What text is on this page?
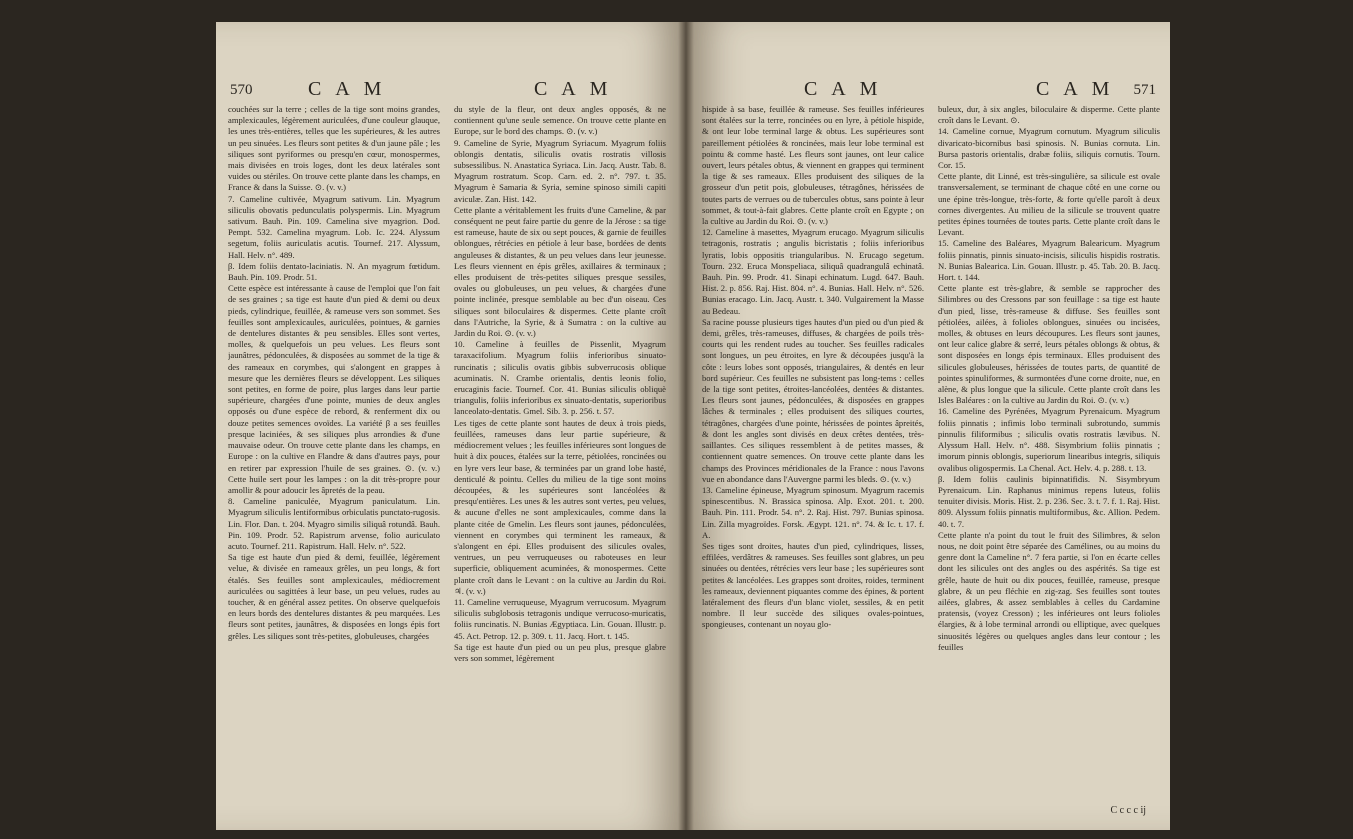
570	C A M	C A M
couchées sur la terre ; celles de la tige sont moins grandes, amplexicaules, légèrement auriculées, d'une couleur glauque, les unes très-entières, telles que les supérieures, & les autres un peu sinuées. Les fleurs sont petites & d'un jaune pâle ; les siliques sont pyriformes ou presqu'en cœur, monospermes, mais divisées en trois loges, dont les deux latérales sont vuides ou stériles. On trouve cette plante dans les champs, en France & dans la Suisse. ⊙. (v. v.)
7. Cameline cultivée, Myagrum sativum. Lin. Myagrum siliculis obovatis pedunculatis polyspermis. Lin. Myagrum sativum. Bauh. Pin. 109. Camelina sive myagrion. Dod. Pempt. 532. Camelina myagrum. Lob. Ic. 224. Alyssum segetum, foliis auriculatis acutis. Tournef. 217. Alyssum, Hall. Helv. n°. 489.
β. Idem foliis dentato-laciniatis. N. An myagrum fœtidum. Bauh. Pin. 109. Prodr. 51.
Cette espèce est intéressante à cause de l'emploi que l'on fait de ses graines ; sa tige est haute d'un pied & demi ou deux pieds, cylindrique, feuillée, & rameuse vers son sommet. Ses feuilles sont amplexicaules, auriculées, pointues, & garnies de dentelures distantes & peu sensibles. Elles sont vertes, molles, & quelquefois un peu velues. Les fleurs sont jaunâtres, pédonculées, & disposées au sommet de la tige & des rameaux en corymbes, qui s'alongent en grappes à mesure que les dernières fleurs se développent. Les siliques sont petites, en forme de poire, plus larges dans leur partie supérieure, chargées d'une pointe, munies de deux angles opposés ou d'une espèce de rebord, & renferment dix ou douze petites semences ovoïdes. La variété β a ses feuilles presque laciniées, & ses siliques plus arrondies & d'une mauvaise odeur. On trouve cette plante dans les champs, en Europe : on la cultive en Flandre & dans d'autres pays, pour en retirer par expression l'huile de ses graines. ⊙. (v. v.) Cette huile sert pour les lampes : on la dit très-propre pour amollir & pour adoucir les âpretés de la peau.
8. Cameline paniculée, Myagrum paniculatum. Lin. Myagrum siliculis lentiformibus orbiculatis punctato-rugosis. Lin. Flor. Dan. t. 204. Myagro similis siliquâ rotundâ. Bauh. Pin. 109. Prodr. 52. Rapistrum arvense, folio auriculato acuto. Tournef. 211. Rapistrum. Hall. Helv. n°. 522.
Sa tige est haute d'un pied & demi, feuillée, légèrement velue, & divisée en rameaux grêles, un peu longs, & fort étalés. Ses feuilles sont amplexicaules, médiocrement auriculées ou sagittées à leur base, un peu velues, rudes au toucher, & en général assez petites. On observe quelquefois en leurs bords des dentelures distantes & peu marquées. Les fleurs sont petites, jaunâtres, & disposées en longs épis fort grêles. Les siliques sont très-petites, globuleuses, chargées
du style de la fleur, ont deux angles opposés, & ne contiennent qu'une seule semence. On trouve cette plante en Europe, sur le bord des champs. ⊙. (v. v.)
9. Cameline de Syrie, Myagrum Syriacum. Myagrum foliis oblongis dentatis, siliculis ovatis rostratis villosis subsessilibus. N. Anastatica Syriaca. Lin. Jacq. Austr. Tab. 8. Myagrum rostratum. Scop. Carn. ed. 2. n°. 797. t. 35. Myagrum è Samaria & Syria, semine spinoso simili capiti aviculæ. Zan. Hist. 142.
Cette plante a véritablement les fruits d'une Cameline, & par conséquent ne peut faire partie du genre de la Jérose : sa tige est rameuse, haute de six ou sept pouces, & garnie de feuilles oblongues, rétrécies en pétiole à leur base, bordées de dents anguleuses & distantes, & un peu velues dans leur jeunesse. Les fleurs viennent en épis grêles, axillaires & terminaux ; elles produisent de très-petites siliques presque sessiles, ovales ou globuleuses, un peu velues, & chargées d'une pointe inclinée, presque semblable au bec d'un oiseau. Ces siliques sont biloculaires & dispermes. Cette plante croît dans l'Autriche, la Syrie, & à Sumatra : on la cultive au Jardin du Roi. ⊙. (v. v.)
10. Cameline à feuilles de Pissenlit, Myagrum taraxacifolium. Myagrum foliis inferioribus sinuato-runcinatis ; siliculis ovatis gibbis subverrucosis oblique acuminatis. N. Crambe orientalis, dentis leonis folio, erucaginis facie. Tournef. Cor. 41. Bunias siliculis obliquè triangulis, foliis inferioribus ex sinuato-dentatis, superioribus lanceolato-dentatis. Gmel. Sib. 3. p. 256. t. 57.
Les tiges de cette plante sont hautes de deux à trois pieds, feuillées, rameuses dans leur partie supérieure, & médiocrement velues ; les feuilles inférieures sont longues de huit à dix pouces, étalées sur la terre, pétiolées, roncinées ou en lyre vers leur base, & terminées par un grand lobe hasté, denticulé & pointu. Celles du milieu de la tige sont moins découpées, & les supérieures sont lancéolées & presqu'entières. Les unes & les autres sont vertes, peu velues, & aucune d'elles ne sont amplexicaules, comme dans la plante citée de Gmelin. Les fleurs sont jaunes, pédonculées, viennent en corymbes qui terminent les rameaux, & s'alongent en épi. Elles produisent des silicules ovales, ventrues, un peu verruqueuses ou raboteuses en leur superficie, obliquement acuminées, & monospermes. Cette plante croît dans le Levant : on la cultive au Jardin du Roi. ♃. (v. v.)
11. Cameline verruqueuse, Myagrum verrucosum. Myagrum siliculis subglobosis tetragonis undique verrucoso-muricatis, foliis runcinatis. N. Bunias Ægyptiaca. Lin. Gouan. Illustr. p. 45. Act. Petrop. 12. p. 309. t. 11. Jacq. Hort. t. 145.
Sa tige est haute d'un pied ou un peu plus, presque glabre vers son sommet, légèrement
C A M	C A M 571
hispide à sa base, feuillée & rameuse. Ses feuilles inférieures sont étalées sur la terre, roncinées ou en lyre, à pétiole hispide, & ont leur lobe terminal large & obtus. Les supérieures sont pareillement pétiolées & roncinées, mais leur lobe terminal est pointu & comme hasté. Les fleurs sont jaunes, ont leur calice ouvert, leurs pétales obtus, & viennent en grappes qui terminent la tige & ses rameaux. Elles produisent des siliques de la grosseur d'un petit pois, globuleuses, tétragônes, hérissées de toutes parts de verrues ou de tubercules obtus, sans pointe à leur sommet, & tout-à-fait glabres. Cette plante croît en Egypte ; on la cultive au Jardin du Roi. ⊙. (v. v.)
12. Cameline à masettes, Myagrum erucago. Myagrum siliculis tetragonis, rostratis ; angulis bicristatis ; foliis inferioribus lyratis, lobis oppositis triangularibus. N. Erucago segetum. Tourn. 232. Eruca Monspeliaca, siliquâ quadrangulâ echinatâ. Bauh. Pin. 99. Prodr. 41. Sinapi echinatum. Lugd. 647. Bauh. Hist. 2. p. 856. Raj. Hist. 804. n°. 4. Bunias. Hall. Helv. n°. 526. Bunias eracago. Lin. Jacq. Austr. t. 340. Vulgairement la Masse au Bedeau.
Sa racine pousse plusieurs tiges hautes d'un pied ou d'un pied & demi, grêles, très-rameuses, diffuses, & chargées de poils très-courts qui les rendent rudes au toucher. Ses feuilles radicales sont longues, un peu étroites, en lyre & découpées jusqu'à la côte : leurs lobes sont opposés, triangulaires, & dentés en leur bord supérieur. Ces feuilles ne subsistent pas long-tems : celles de la tige sont petites, étroites-lancéolées, dentées & distantes. Les fleurs sont jaunes, pédonculées, & disposées en grappes lâches & terminales ; elles produisent des siliques courtes, tétragônes, chargées d'une pointe, hérissées de pointes âpreités, & dont les angles sont divisés en deux crêtes dentées, très-saillantes. Ces siliques ressemblent à de petites masses, & contiennent quatre semences. On trouve cette plante dans les champs des Provinces méridionales de la France : nous l'avons vue en abondance dans l'Auvergne parmi les bleds. ⊙. (v. v.)
13. Cameline épineuse, Myagrum spinosum. Myagrum racemis spinescentibus. N. Brassica spinosa. Alp. Exot. 201. t. 200. Bauh. Pin. 111. Prodr. 54. n°. 2. Raj. Hist. 797. Bunias spinosa. Lin. Zilla myagroïdes. Forsk. Ægypt. 121. n°. 74. & Ic. t. 17. f. A.
Ses tiges sont droites, hautes d'un pied, cylindriques, lisses, effilées, verdâtres & rameuses. Ses feuilles sont glabres, un peu sinuées ou dentées, rétrécies vers leur base ; les supérieures sont petites & lancéolées. Les grappes sont droites, roides, terminent les rameaux, deviennent piquantes comme des épines, & portent latéralement des fleurs d'un blanc violet, sessiles, & en petit nombre. Il leur succède des siliques ovales-pointues, spongieuses, contenant un noyau glo-
buleux, dur, à six angles, biloculaire & disperme. Cette plante croît dans le Levant. ⊙.
14. Cameline cornue, Myagrum cornutum. Myagrum siliculis divaricato-bicornibus basi spinosis. N. Bunias cornuta. Lin. Bursa pastoris orientalis, drabæ foliis, siliquis cornutis. Tourn. Cor. 15.
Cette plante, dit Linné, est très-singulière, sa silicule est ovale transversalement, se terminant de chaque côté en une corne ou une épine très-longue, très-forte, & forte qu'elle paroît à deux cornes divergentes. Au milieu de la silicule se trouvent quatre petites épines tournées de toutes parts. Cette plante croît dans le Levant.
15. Cameline des Baléares, Myagrum Balearicum. Myagrum foliis pinnatis, pinnis sinuato-incisis, siliculis hispidis rostratis. N. Bunias Balearica. Lin. Gouan. Illustr. p. 45. Tab. 20. B. Jacq. Hort. t. 144.
Cette plante est très-glabre, & semble se rapprocher des Silimbres ou des Cressons par son feuillage : sa tige est haute d'un pied, lisse, très-rameuse & diffuse. Ses feuilles sont pétiolées, ailées, à folioles oblongues, sinuées ou incisées, molles, & obtuses en leurs découpures. Les fleurs sont jaunes, ont leur calice glabre & serré, leurs pétales oblongs & obtus, & sont disposées en longs épis terminaux. Elles produisent des silicules globuleuses, hérissées de toutes parts, de quantité de pointes spinuliformes, & surmontées d'une corne droite, nue, en alène, & plus longue que la silicule. Cette plante croît dans les Isles Baléares : on la cultive au Jardin du Roi. ⊙. (v. v.)
16. Cameline des Pyrénées, Myagrum Pyrenaicum. Myagrum foliis pinnatis ; infimis lobo terminali subrotundo, summis pinnulis filiformibus ; siliculis ovatis rostratis lævibus. N. Alyssum Hall. Helv. n°. 488. Sisymbrium foliis pinnatis ; imorum pinnis oblongis, superiorum linearibus integris, siliquis ovalibus oligospermis. La Chenal. Act. Helv. 4. p. 288. t. 13.
β. Idem foliis caulinis bipinnatifidis. N. Sisymbryum Pyrenaicum. Lin. Raphanus minimus repens luteus, foliis tenuiter divisis. Moris. Hist. 2. p. 236. Sec. 3. t. 7. f. 1. Raj. Hist. 809. Alyssum foliis pinnatis multiformibus, &c. Allion. Pedem. 40. t. 7.
Cette plante n'a point du tout le fruit des Silimbres, & selon nous, ne doit point être séparée des Camélines, ou au moins du genre dont la Cameline n°. 7 fera partie, si l'on en écarte celles dont les silicules ont des angles ou des aspérités. Sa tige est grêle, haute de huit ou dix pouces, feuillée, rameuse, presque glabre, & un peu fléchie en zig-zag. Ses feuilles sont toutes ailées, glabres, & assez semblables à celles du Cardamine pratensis, (voyez Cresson) ; les inférieures ont leurs folioles élargies, & à lobe terminal arrondi ou elliptique, avec quelques sinuosités légères ou quelques angles dans leur contour ; les feuilles
C c c c ij
